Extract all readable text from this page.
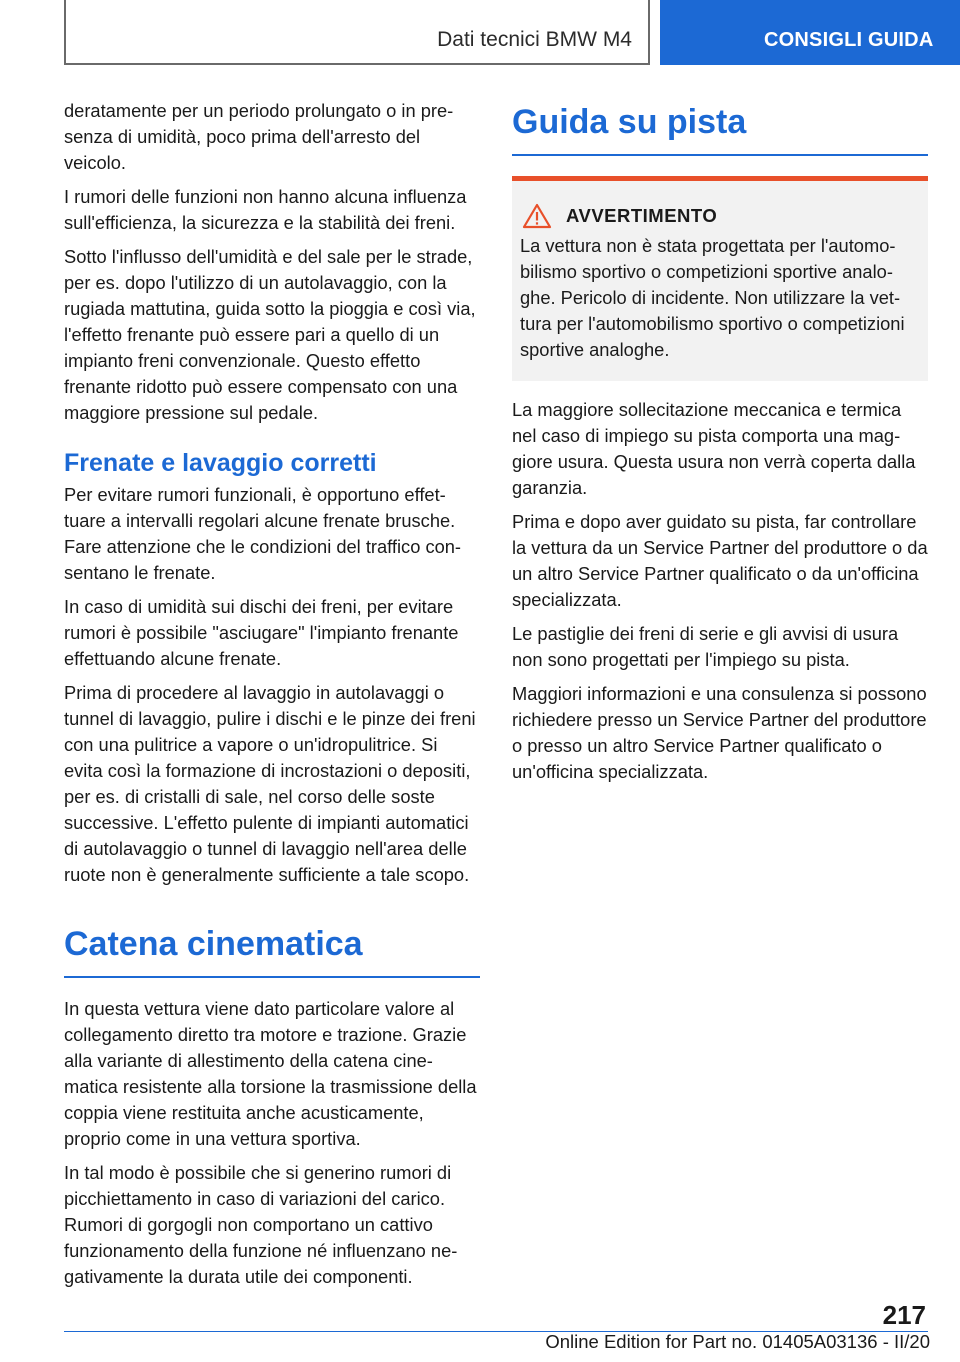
Dati tecnici BMW M4	CONSIGLI GUIDA

deratamente per un periodo prolungato o in presenza di umidità, poco prima dell'arresto del veicolo.

I rumori delle funzioni non hanno alcuna influenza sull'efficienza, la sicurezza e la stabilità dei freni.

Sotto l'influsso dell'umidità e del sale per le strade, per es. dopo l'utilizzo di un autolavaggio, con la rugiada mattutina, guida sotto la pioggia e così via, l'effetto frenante può essere pari a quello di un impianto freni convenzionale. Questo effetto frenante ridotto può essere compensato con una maggiore pressione sul pedale.

Frenate e lavaggio corretti

Per evitare rumori funzionali, è opportuno effettuare a intervalli regolari alcune frenate brusche. Fare attenzione che le condizioni del traffico consentano le frenate.

In caso di umidità sui dischi dei freni, per evitare rumori è possibile "asciugare" l'impianto frenante effettuando alcune frenate.

Prima di procedere al lavaggio in autolavaggi o tunnel di lavaggio, pulire i dischi e le pinze dei freni con una pulitrice a vapore o un'idropulitrice. Si evita così la formazione di incrostazioni o depositi, per es. di cristalli di sale, nel corso delle soste successive. L'effetto pulente di impianti automatici di autolavaggio o tunnel di lavaggio nell'area delle ruote non è generalmente sufficiente a tale scopo.

Catena cinematica

In questa vettura viene dato particolare valore al collegamento diretto tra motore e trazione. Grazie alla variante di allestimento della catena cinematica resistente alla torsione la trasmissione della coppia viene restituita anche acusticamente, proprio come in una vettura sportiva.

In tal modo è possibile che si generino rumori di picchiettamento in caso di variazioni del carico. Rumori di gorgogli non comportano un cattivo funzionamento della funzione né influenzano negativamente la durata utile dei componenti.

Guida su pista
AVVERTIMENTO

La vettura non è stata progettata per l'automobilismo sportivo o competizioni sportive analoghe. Pericolo di incidente. Non utilizzare la vettura per l'automobilismo sportivo o competizioni sportive analoghe.

La maggiore sollecitazione meccanica e termica nel caso di impiego su pista comporta una maggiore usura. Questa usura non verrà coperta dalla garanzia.

Prima e dopo aver guidato su pista, far controllare la vettura da un Service Partner del produttore o da un altro Service Partner qualificato o da un'officina specializzata.

Le pastiglie dei freni di serie e gli avvisi di usura non sono progettati per l'impiego su pista.

Maggiori informazioni e una consulenza si possono richiedere presso un Service Partner del produttore o presso un altro Service Partner qualificato o un'officina specializzata.

217
Online Edition for Part no. 01405A03136 - II/20
